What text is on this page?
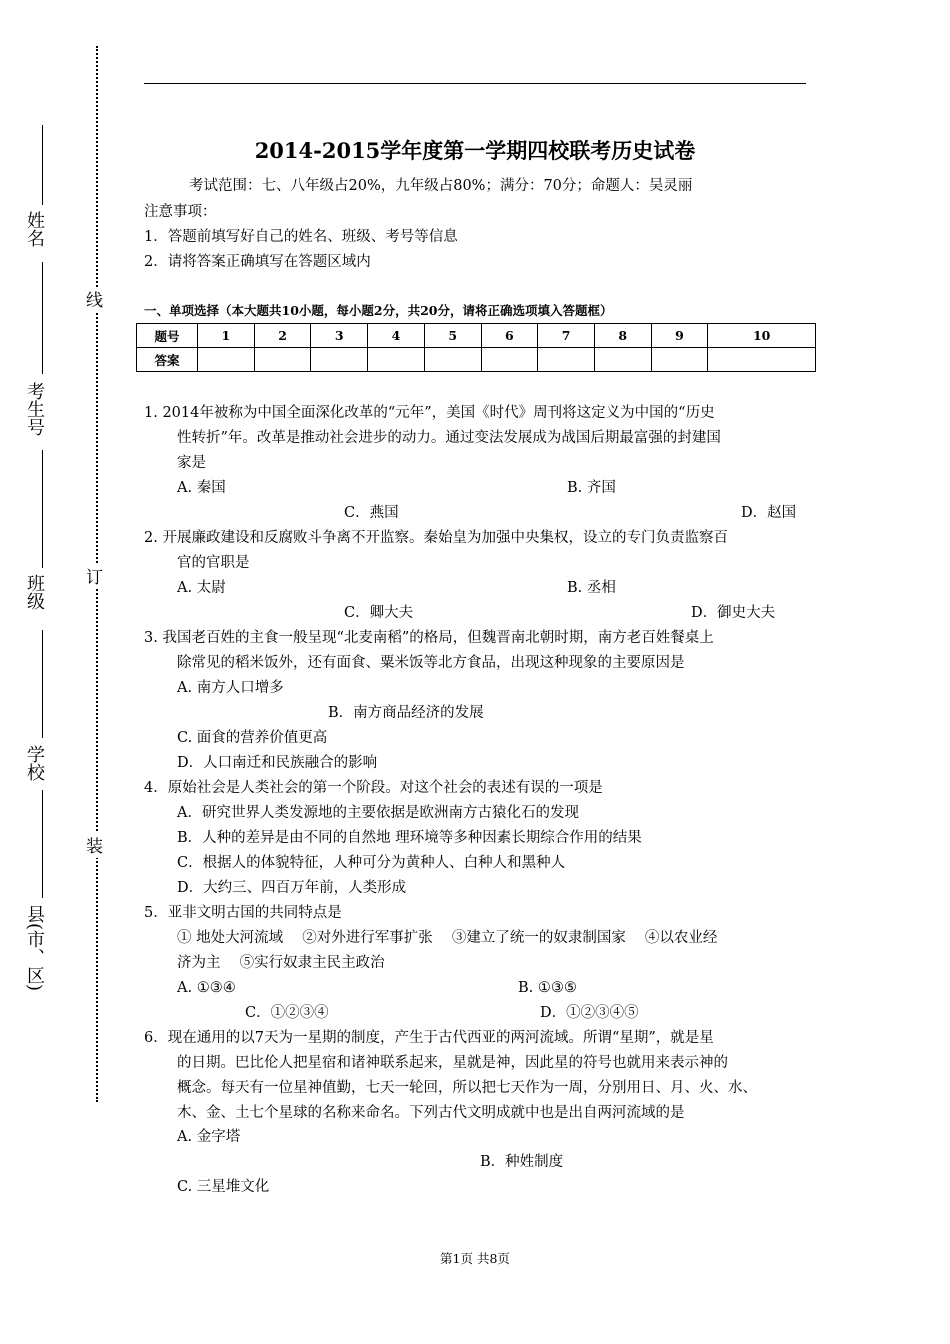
姓名
考生号
班级
学校
县(市、区)
线
订
装
2014-2015学年度第一学期四校联考历史试卷
考试范围：七、八年级占20%，九年级占80%；满分：70分；命题人：吴灵丽
注意事项：
1．答题前填写好自己的姓名、班级、考号等信息
2．请将答案正确填写在答题区域内
一、单项选择（本大题共10小题，每小题2分，共20分，请将正确选项填入答题框）
题号	1	2	3	4	5	6	7	8	9	10
答案										
1. 2014年被称为中国全面深化改革的“元年”，美国《时代》周刊将这定义为中国的“历史
性转折”年。改革是推动社会进步的动力。通过变法发展成为战国后期最富强的封建国
家是
A. 秦国	B. 齐国
C．燕国	D．赵国
2. 开展廉政建设和反腐败斗争离不开监察。秦始皇为加强中央集权，设立的专门负责监察百
官的官职是
A. 太尉	B. 丞相
C．卿大夫	D．御史大夫
3. 我国老百姓的主食一般呈现“北麦南稻”的格局，但魏晋南北朝时期，南方老百姓餐桌上
除常见的稻米饭外，还有面食、粟米饭等北方食品，出现这种现象的主要原因是
A. 南方人口增多
B．南方商品经济的发展
C. 面食的营养价值更高
D．人口南迁和民族融合的影响
4．原始社会是人类社会的第一个阶段。对这个社会的表述有误的一项是
A．研究世界人类发源地的主要依据是欧洲南方古猿化石的发现
B．人种的差异是由不同的自然地 理环境等多种因素长期综合作用的结果
C．根据人的体貌特征，人种可分为黄种人、白种人和黑种人
D．大约三、四百万年前，人类形成
5．亚非文明古国的共同特点是
① 地处大河流域　 ②对外进行军事扩张　 ③建立了统一的奴隶制国家　 ④以农业经
济为主　 ⑤实行奴隶主民主政治
A. ①③④	B. ①③⑤
C．①②③④	D．①②③④⑤
6．现在通用的以7天为一星期的制度，产生于古代西亚的两河流域。所谓“星期”，就是星
的日期。巴比伦人把星宿和诸神联系起来，星就是神，因此星的符号也就用来表示神的
概念。每天有一位星神值勤，七天一轮回，所以把七天作为一周，分别用日、月、火、水、
木、金、土七个星球的名称来命名。下列古代文明成就中也是出自两河流域的是
A. 金字塔
B．种姓制度
C. 三星堆文化
第1页 共8页
